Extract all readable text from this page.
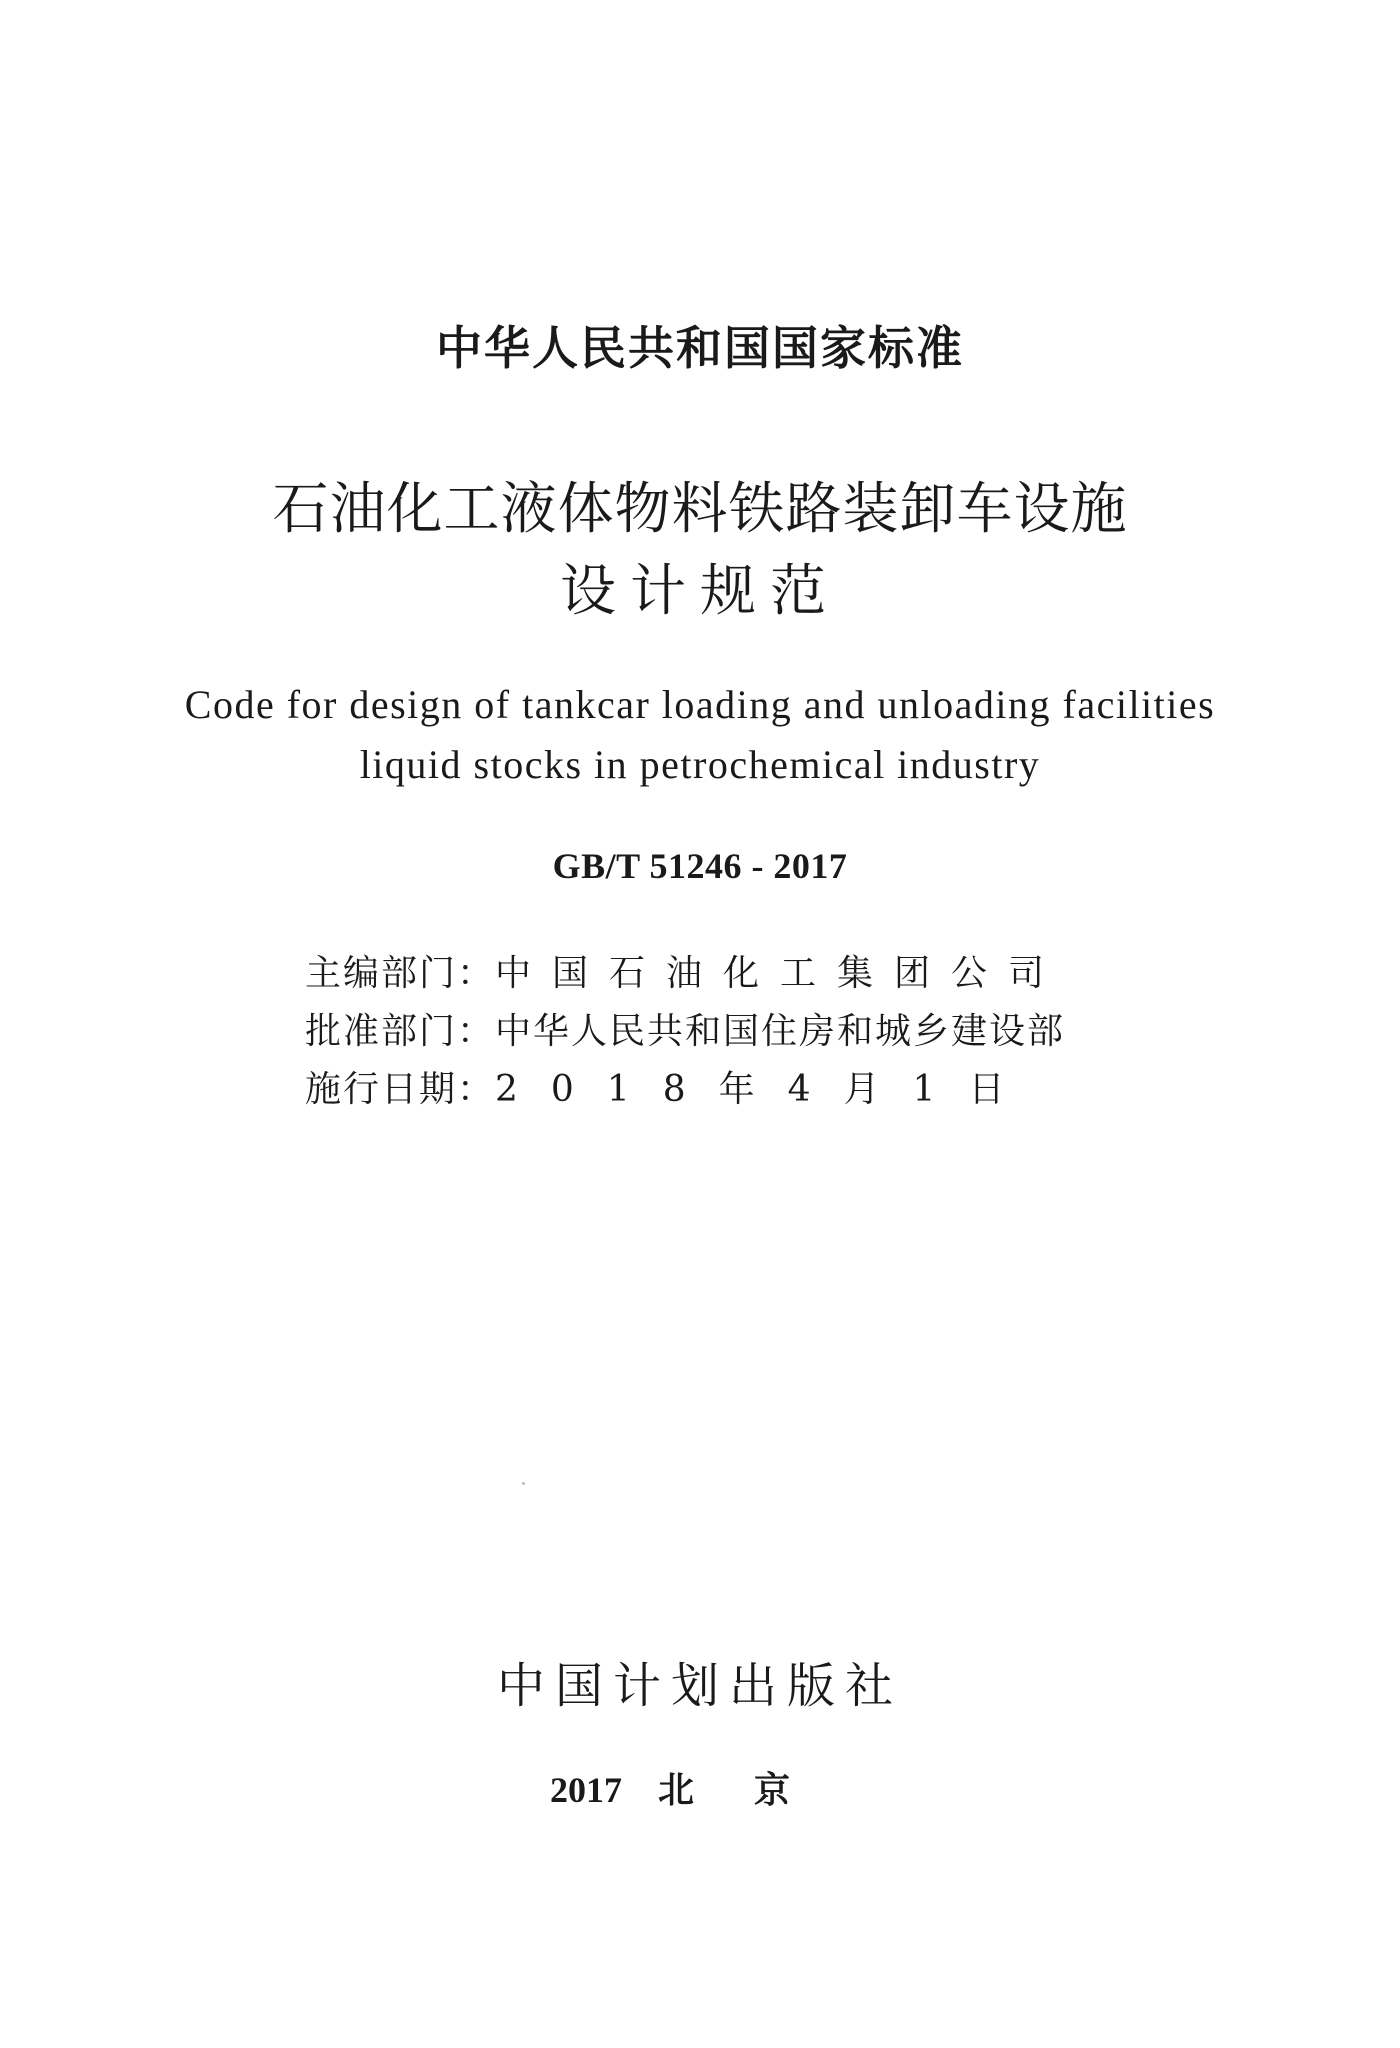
中华人民共和国国家标准
石油化工液体物料铁路装卸车设施
设计规范
Code for design of tankcar loading and unloading facilities
liquid stocks in petrochemical industry
GB/T 51246 - 2017
主编部门： 中国石油化工集团公司
批准部门： 中华人民共和国住房和城乡建设部
施行日期： 2018年4月1日
中国计划出版社
2017 北京
